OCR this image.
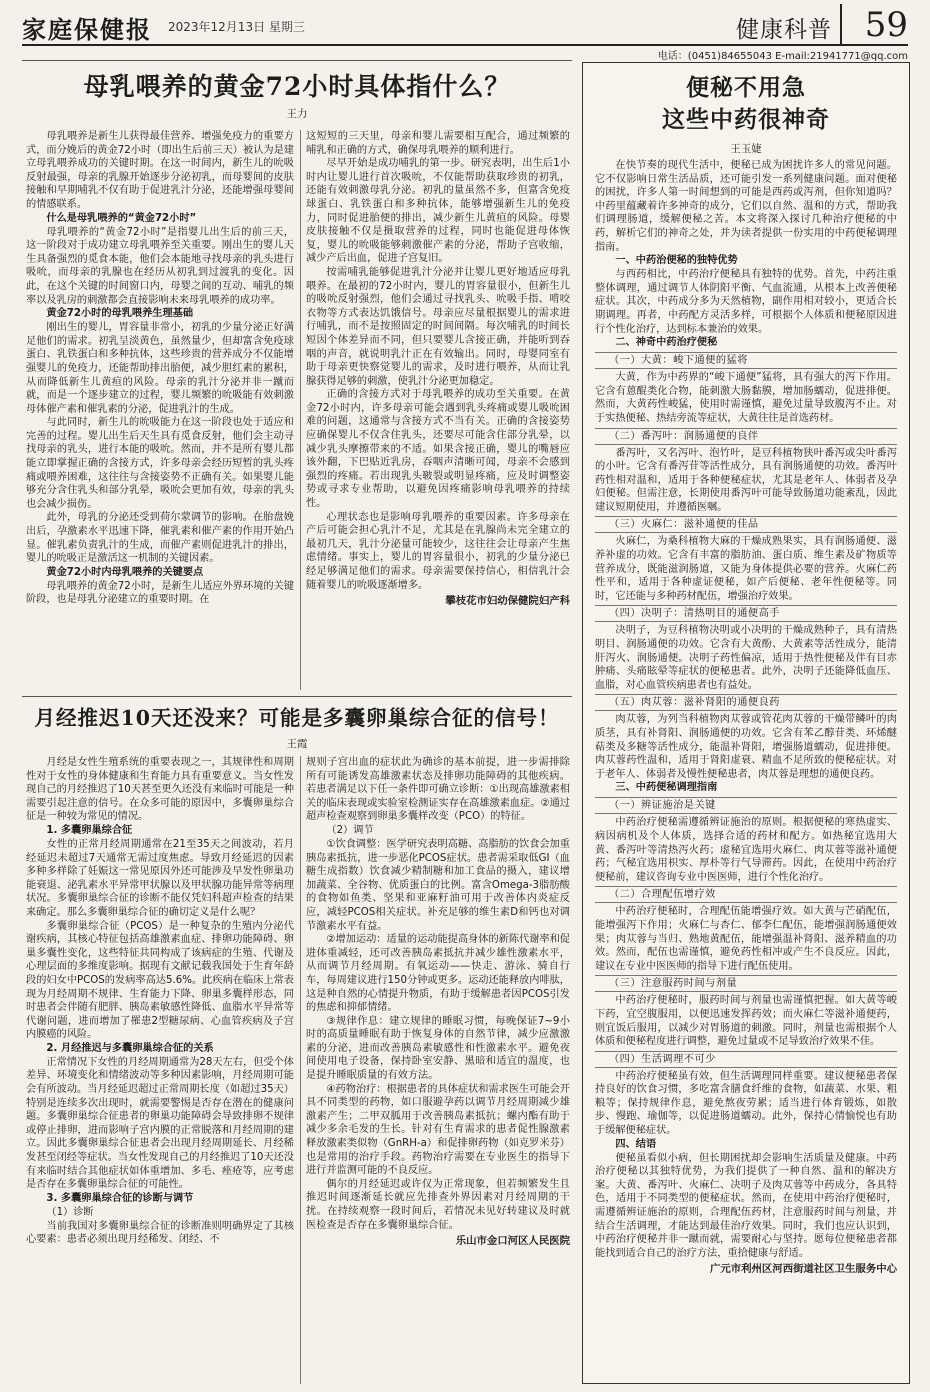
家庭保健报 2023年12月13日 星期三	健康科普 59
电话：(0451)84655043 E-mail:21941771@qq.com
母乳喂养的黄金72小时具体指什么？
王力

母乳喂养是新生儿获得最佳营养、增强免疫力的重要方式，而分娩后的黄金72小时（即出生后前三天）被认为是建立母乳喂养成功的关键时期。在这一时间内，新生儿的吮吸反射最强，母亲的乳腺开始逐步分泌初乳，而母婴间的皮肤接触和早期哺乳不仅有助于促进乳汁分泌，还能增强母婴间的情感联系。

什么是母乳喂养的“黄金72小时”

母乳喂养的“黄金72小时”是指婴儿出生后的前三天，这一阶段对于成功建立母乳喂养至关重要。刚出生的婴儿天生具备强烈的觅食本能，他们会本能地寻找母亲的乳头进行吸吮，而母亲的乳腺也在经历从初乳到过渡乳的变化。因此，在这个关键的时间窗口内，母婴之间的互动、哺乳的频率以及乳房的刺激都会直接影响未来母乳喂养的成功率。

黄金72小时的母乳喂养生理基础

刚出生的婴儿，胃容量非常小，初乳的少量分泌正好满足他们的需求。初乳呈淡黄色，虽然量少，但却富含免疫球蛋白、乳铁蛋白和多种抗体，这些珍贵的营养成分不仅能增强婴儿的免疫力，还能帮助排出胎便，减少胆红素的累积，从而降低新生儿黄疸的风险。母亲的乳汁分泌并非一蹴而就，而是一个逐步建立的过程，婴儿频繁的吮吸能有效刺激母体催产素和催乳素的分泌，促进乳汁的生成。

与此同时，新生儿的吮吸能力在这一阶段也处于适应和完善的过程。婴儿出生后天生具有觅食反射，他们会主动寻找母亲的乳头，进行本能的吸吮。然而，并不是所有婴儿都能立即掌握正确的含接方式，许多母亲会经历短暂的乳头疼痛或喂养困难，这往往与含接姿势不正确有关。如果婴儿能够充分含住乳头和部分乳晕，吸吮会更加有效，母亲的乳头也会减少损伤。

此外，母乳的分泌还受到荷尔蒙调节的影响。在胎盘娩出后，孕激素水平迅速下降，催乳素和催产素的作用开始凸显。催乳素负责乳汁的生成，而催产素则促进乳汁的排出，婴儿的吮吸正是激活这一机制的关键因素。

黄金72小时内母乳喂养的关键要点

母乳喂养的黄金72小时，是新生儿适应外界环境的关键阶段，也是母乳分泌建立的重要时期。在

这短短的三天里，母亲和婴儿需要相互配合，通过频繁的哺乳和正确的方式，确保母乳喂养的顺利进行。

尽早开始是成功哺乳的第一步。研究表明，出生后1小时内让婴儿进行首次吸吮，不仅能帮助获取珍贵的初乳，还能有效刺激母乳分泌。初乳的量虽然不多，但富含免疫球蛋白、乳铁蛋白和多种抗体，能够增强新生儿的免疫力，同时促进胎便的排出，减少新生儿黄疸的风险。母婴皮肤接触不仅是摄取营养的过程，同时也能促进母体恢复，婴儿的吮吸能够刺激催产素的分泌，帮助子宫收缩，减少产后出血，促进子宫复旧。

按需哺乳能够促进乳汁分泌并让婴儿更好地适应母乳喂养。在最初的72小时内，婴儿的胃容量很小，但新生儿的吸吮反射强烈，他们会通过寻找乳头、吮吸手指、啃咬衣物等方式表达饥饿信号。母亲应尽量根据婴儿的需求进行哺乳，而不是按照固定的时间间隔。每次哺乳的时间长短因个体差异而不同，但只要婴儿含接正确，并能听到吞咽的声音，就说明乳汁正在有效输出。同时，母婴同室有助于母亲更快察觉婴儿的需求，及时进行喂养，从而让乳腺获得足够的刺激，使乳汁分泌更加稳定。

正确的含接方式对于母乳喂养的成功至关重要。在黄金72小时内，许多母亲可能会遇到乳头疼痛或婴儿吸吮困难的问题，这通常与含接方式不当有关。正确的含接姿势应确保婴儿不仅含住乳头，还要尽可能含住部分乳晕，以减少乳头摩擦带来的不适。如果含接正确，婴儿的嘴唇应该外翻，下巴贴近乳房，吞咽声清晰可闻，母亲不会感到强烈的疼痛。若出现乳头皲裂或明显疼痛，应及时调整姿势或寻求专业帮助，以避免因疼痛影响母乳喂养的持续性。

心理状态也是影响母乳喂养的重要因素。许多母亲在产后可能会担心乳汁不足，尤其是在乳腺尚未完全建立的最初几天，乳汁分泌量可能较少，这往往会让母亲产生焦虑情绪。事实上，婴儿的胃容量很小，初乳的少量分泌已经足够满足他们的需求。母亲需要保持信心，相信乳汁会随着婴儿的吮吸逐渐增多。

攀枝花市妇幼保健院妇产科
月经推迟10天还没来？可能是多囊卵巢综合征的信号！
王霞

月经是女性生殖系统的重要表现之一，其规律性和周期性对于女性的身体健康和生育能力具有重要意义。当女性发现自己的月经推迟了10天甚至更久还没有来临时可能是一种需要引起注意的信号。在众多可能的原因中，多囊卵巢综合征是一种较为常见的情况。

1. 多囊卵巢综合征

女性的正常月经周期通常在21至35天之间波动，若月经延迟未超过7天通常无需过度焦虑。导致月经延迟的因素多种多样除了妊娠这一常见原因外还可能涉及早发性卵巢功能衰退、泌乳素水平异常甲状腺以及甲状腺功能异常等病理状况。多囊卵巢综合征的诊断不能仅凭妇科超声检查的结果来确定。那么多囊卵巢综合征的确切定义是什么呢？

多囊卵巢综合征（PCOS）是一种复杂的生殖内分泌代谢疾病，其核心特征包括高雄激素血症、排卵功能障碍、卵巢多囊性变化，这些特征共同构成了该病症的生殖、代谢及心理层面的多维度影响。据现有文献记载我国处于生育年龄段的妇女中PCOS的发病率高达5.6%。此疾病在临床上常表现为月经周期不规律、生育能力下降、卵巢多囊样形态，同时患者会伴随有肥胖、胰岛素敏感性降低、血脂水平异常等代谢问题，进而增加了罹患2型糖尿病、心血管疾病及子宫内膜癌的风险。

2. 月经推迟与多囊卵巢综合征的关系

正常情况下女性的月经周期通常为28天左右，但受个体差异、环境变化和情绪波动等多种因素影响，月经周期可能会有所波动。当月经延迟超过正常周期长度（如超过35天）特别是连续多次出现时，就需要警惕是否存在潜在的健康问题。多囊卵巢综合征患者的卵巢功能障碍会导致排卵不规律或停止排卵，进而影响子宫内膜的正常脱落和月经周期的建立。因此多囊卵巢综合征患者会出现月经周期延长、月经稀发甚至闭经等症状。当女性发现自己的月经推迟了10天还没有来临时结合其他症状如体重增加、多毛、痤疮等，应考虑是否存在多囊卵巢综合征的可能性。

3. 多囊卵巢综合征的诊断与调节

（1）诊断

当前我国对多囊卵巢综合征的诊断准则明确界定了其核心要素：患者必须出现月经稀发、闭经、不

规则子宫出血的症状此为确诊的基本前提，进一步需排除所有可能诱发高雄激素状态及排卵功能障碍的其他疾病。若患者满足以下任一条件即可确立诊断：①出现高雄激素相关的临床表现或实验室检测证实存在高雄激素血症。②通过超声检查观察到卵巢多囊样改变（PCO）的特征。

（2）调节

①饮食调整：医学研究表明高糖、高脂肪的饮食会加重胰岛素抵抗，进一步恶化PCOS症状。患者需采取低GI（血糖生成指数）饮食减少精制糖和加工食品的摄入，建议增加蔬菜、全谷物、优质蛋白的比例。富含Omega-3脂肪酸的食物如鱼类、坚果和亚麻籽油可用于改善体内炎症反应，减轻PCOS相关症状。补充足够的维生素D和钙也对调节激素水平有益。

②增加运动：适量的运动能提高身体的新陈代谢率和促进体重减轻，还可改善胰岛素抵抗并减少雄性激素水平，从而调节月经周期。有氧运动——快走、游泳、骑自行车，每周建议进行150分钟或更多。运动还能释放内啡肽，这是种自然的心情提升物质，有助于缓解患者因PCOS引发的焦虑和抑郁情绪。

③规律作息：建立规律的睡眠习惯，每晚保证7~9小时的高质量睡眠有助于恢复身体的自然节律，减少应激激素的分泌，进而改善胰岛素敏感性和性激素水平。避免夜间使用电子设备，保持卧室安静、黑暗和适宜的温度，也是提升睡眠质量的有效方法。

④药物治疗：根据患者的具体症状和需求医生可能会开具不同类型的药物，如口服避孕药以调节月经周期减少雄激素产生；二甲双胍用于改善胰岛素抵抗；螺内酯有助于减少多余毛发的生长。针对有生育需求的患者促性腺激素释放激素类似物（GnRH-a）和促排卵药物（如克罗米芬）也是常用的治疗手段。药物治疗需要在专业医生的指导下进行并监测可能的不良反应。

偶尔的月经延迟或许仅为正常现象，但若频繁发生且推迟时间逐渐延长就应先排查外界因素对月经周期的干扰。在持续观察一段时间后，若情况未见好转建议及时就医检查是否存在多囊卵巢综合征。

乐山市金口河区人民医院
便秘不用急
这些中药很神奇
王玉婕

在快节奏的现代生活中，便秘已成为困扰许多人的常见问题。它不仅影响日常生活品质，还可能引发一系列健康问题。面对便秘的困扰，许多人第一时间想到的可能是西药或泻剂，但你知道吗？中药里蕴藏着许多神奇的成分，它们以自然、温和的方式，帮助我们调理肠道，缓解便秘之苦。本文将深入探讨几种治疗便秘的中药，解析它们的神奇之处，并为读者提供一份实用的中药便秘调理指南。

一、中药治便秘的独特优势

与西药相比，中药治疗便秘具有独特的优势。首先，中药注重整体调理，通过调节人体阴阳平衡、气血流通，从根本上改善便秘症状。其次，中药成分多为天然植物，副作用相对较小，更适合长期调理。再者，中药配方灵活多样，可根据个人体质和便秘原因进行个性化治疗，达到标本兼治的效果。

二、神奇中药治疗便秘

（一）大黄：峻下通便的猛将

大黄，作为中药界的“峻下通便”猛将，具有强大的泻下作用。它含有蒽醌类化合物，能刺激大肠黏膜，增加肠蠕动，促进排便。然而，大黄药性峻猛，使用时需谨慎，避免过量导致腹泻不止。对于实热便秘、热结旁流等症状，大黄往往是首选药材。

（二）番泻叶：润肠通便的良伴

番泻叶，又名泻叶、泡竹叶，是豆科植物狭叶番泻或尖叶番泻的小叶。它含有番泻苷等活性成分，具有润肠通便的功效。番泻叶药性相对温和，适用于各种便秘症状，尤其是老年人、体弱者及孕妇便秘。但需注意，长期使用番泻叶可能导致肠道功能紊乱，因此建议短期使用，并遵循医嘱。

（三）火麻仁：滋补通便的佳品

火麻仁，为桑科植物大麻的干燥成熟果实，具有润肠通便、滋养补虚的功效。它含有丰富的脂肪油、蛋白质、维生素及矿物质等营养成分，既能滋润肠道，又能为身体提供必要的营养。火麻仁药性平和，适用于各种虚证便秘，如产后便秘、老年性便秘等。同时，它还能与多种药材配伍，增强治疗效果。

（四）决明子：清热明目的通便高手

决明子，为豆科植物决明或小决明的干燥成熟种子，具有清热明目、润肠通便的功效。它含有大黄酚、大黄素等活性成分，能清肝泻火、润肠通便。决明子药性偏凉，适用于热性便秘及伴有目赤肿痛、头痛眩晕等症状的便秘患者。此外，决明子还能降低血压、血脂，对心血管疾病患者也有益处。

（五）肉苁蓉：滋补肾阳的通便良药

肉苁蓉，为列当科植物肉苁蓉或管花肉苁蓉的干燥带鳞叶的肉质茎，具有补肾阳、润肠通便的功效。它含有苯乙醇苷类、环烯醚萜类及多糖等活性成分，能温补肾阳，增强肠道蠕动，促进排便。肉苁蓉药性温和，适用于肾阳虚衰、精血不足所致的便秘症状。对于老年人、体弱者及慢性便秘患者，肉苁蓉是理想的通便良药。

三、中药便秘调理指南

（一）辨证施治是关键

中药治疗便秘需遵循辨证施治的原则。根据便秘的寒热虚实、病因病机及个人体质，选择合适的药材和配方。如热秘宜选用大黄、番泻叶等清热泻火药；虚秘宜选用火麻仁、肉苁蓉等滋补通便药；气秘宜选用枳实、厚朴等行气导滞药。因此，在使用中药治疗便秘前，建议咨询专业中医医师，进行个性化治疗。

（二）合理配伍增疗效

中药治疗便秘时，合理配伍能增强疗效。如大黄与芒硝配伍，能增强泻下作用；火麻仁与杏仁、郁李仁配伍，能增强润肠通便效果；肉苁蓉与当归、熟地黄配伍，能增强温补肾阳、滋养精血的功效。然而，配伍也需谨慎，避免药性相冲或产生不良反应。因此，建议在专业中医医师的指导下进行配伍使用。

（三）注意服药时间与剂量

中药治疗便秘时，服药时间与剂量也需谨慎把握。如大黄等峻下药，宜空腹服用，以便迅速发挥药效；而火麻仁等滋补通便药，则宜饭后服用，以减少对胃肠道的刺激。同时，剂量也需根据个人体质和便秘程度进行调整，避免过量或不足导致治疗效果不佳。

（四）生活调理不可少

中药治疗便秘虽有效，但生活调理同样重要。建议便秘患者保持良好的饮食习惯，多吃富含膳食纤维的食物，如蔬菜、水果、粗粮等；保持规律作息，避免熬夜劳累；适当进行体育锻炼，如散步、慢跑、瑜伽等，以促进肠道蠕动。此外，保持心情愉悦也有助于缓解便秘症状。

四、结语

便秘虽看似小病，但长期困扰却会影响生活质量及健康。中药治疗便秘以其独特优势，为我们提供了一种自然、温和的解决方案。大黄、番泻叶、火麻仁、决明子及肉苁蓉等中药成分，各具特色，适用于不同类型的便秘症状。然而，在使用中药治疗便秘时，需遵循辨证施治的原则，合理配伍药材，注意服药时间与剂量，并结合生活调理，才能达到最佳治疗效果。同时，我们也应认识到，中药治疗便秘并非一蹴而就，需要耐心与坚持。愿每位便秘患者都能找到适合自己的治疗方法，重拾健康与舒适。

广元市利州区河西街道社区卫生服务中心
